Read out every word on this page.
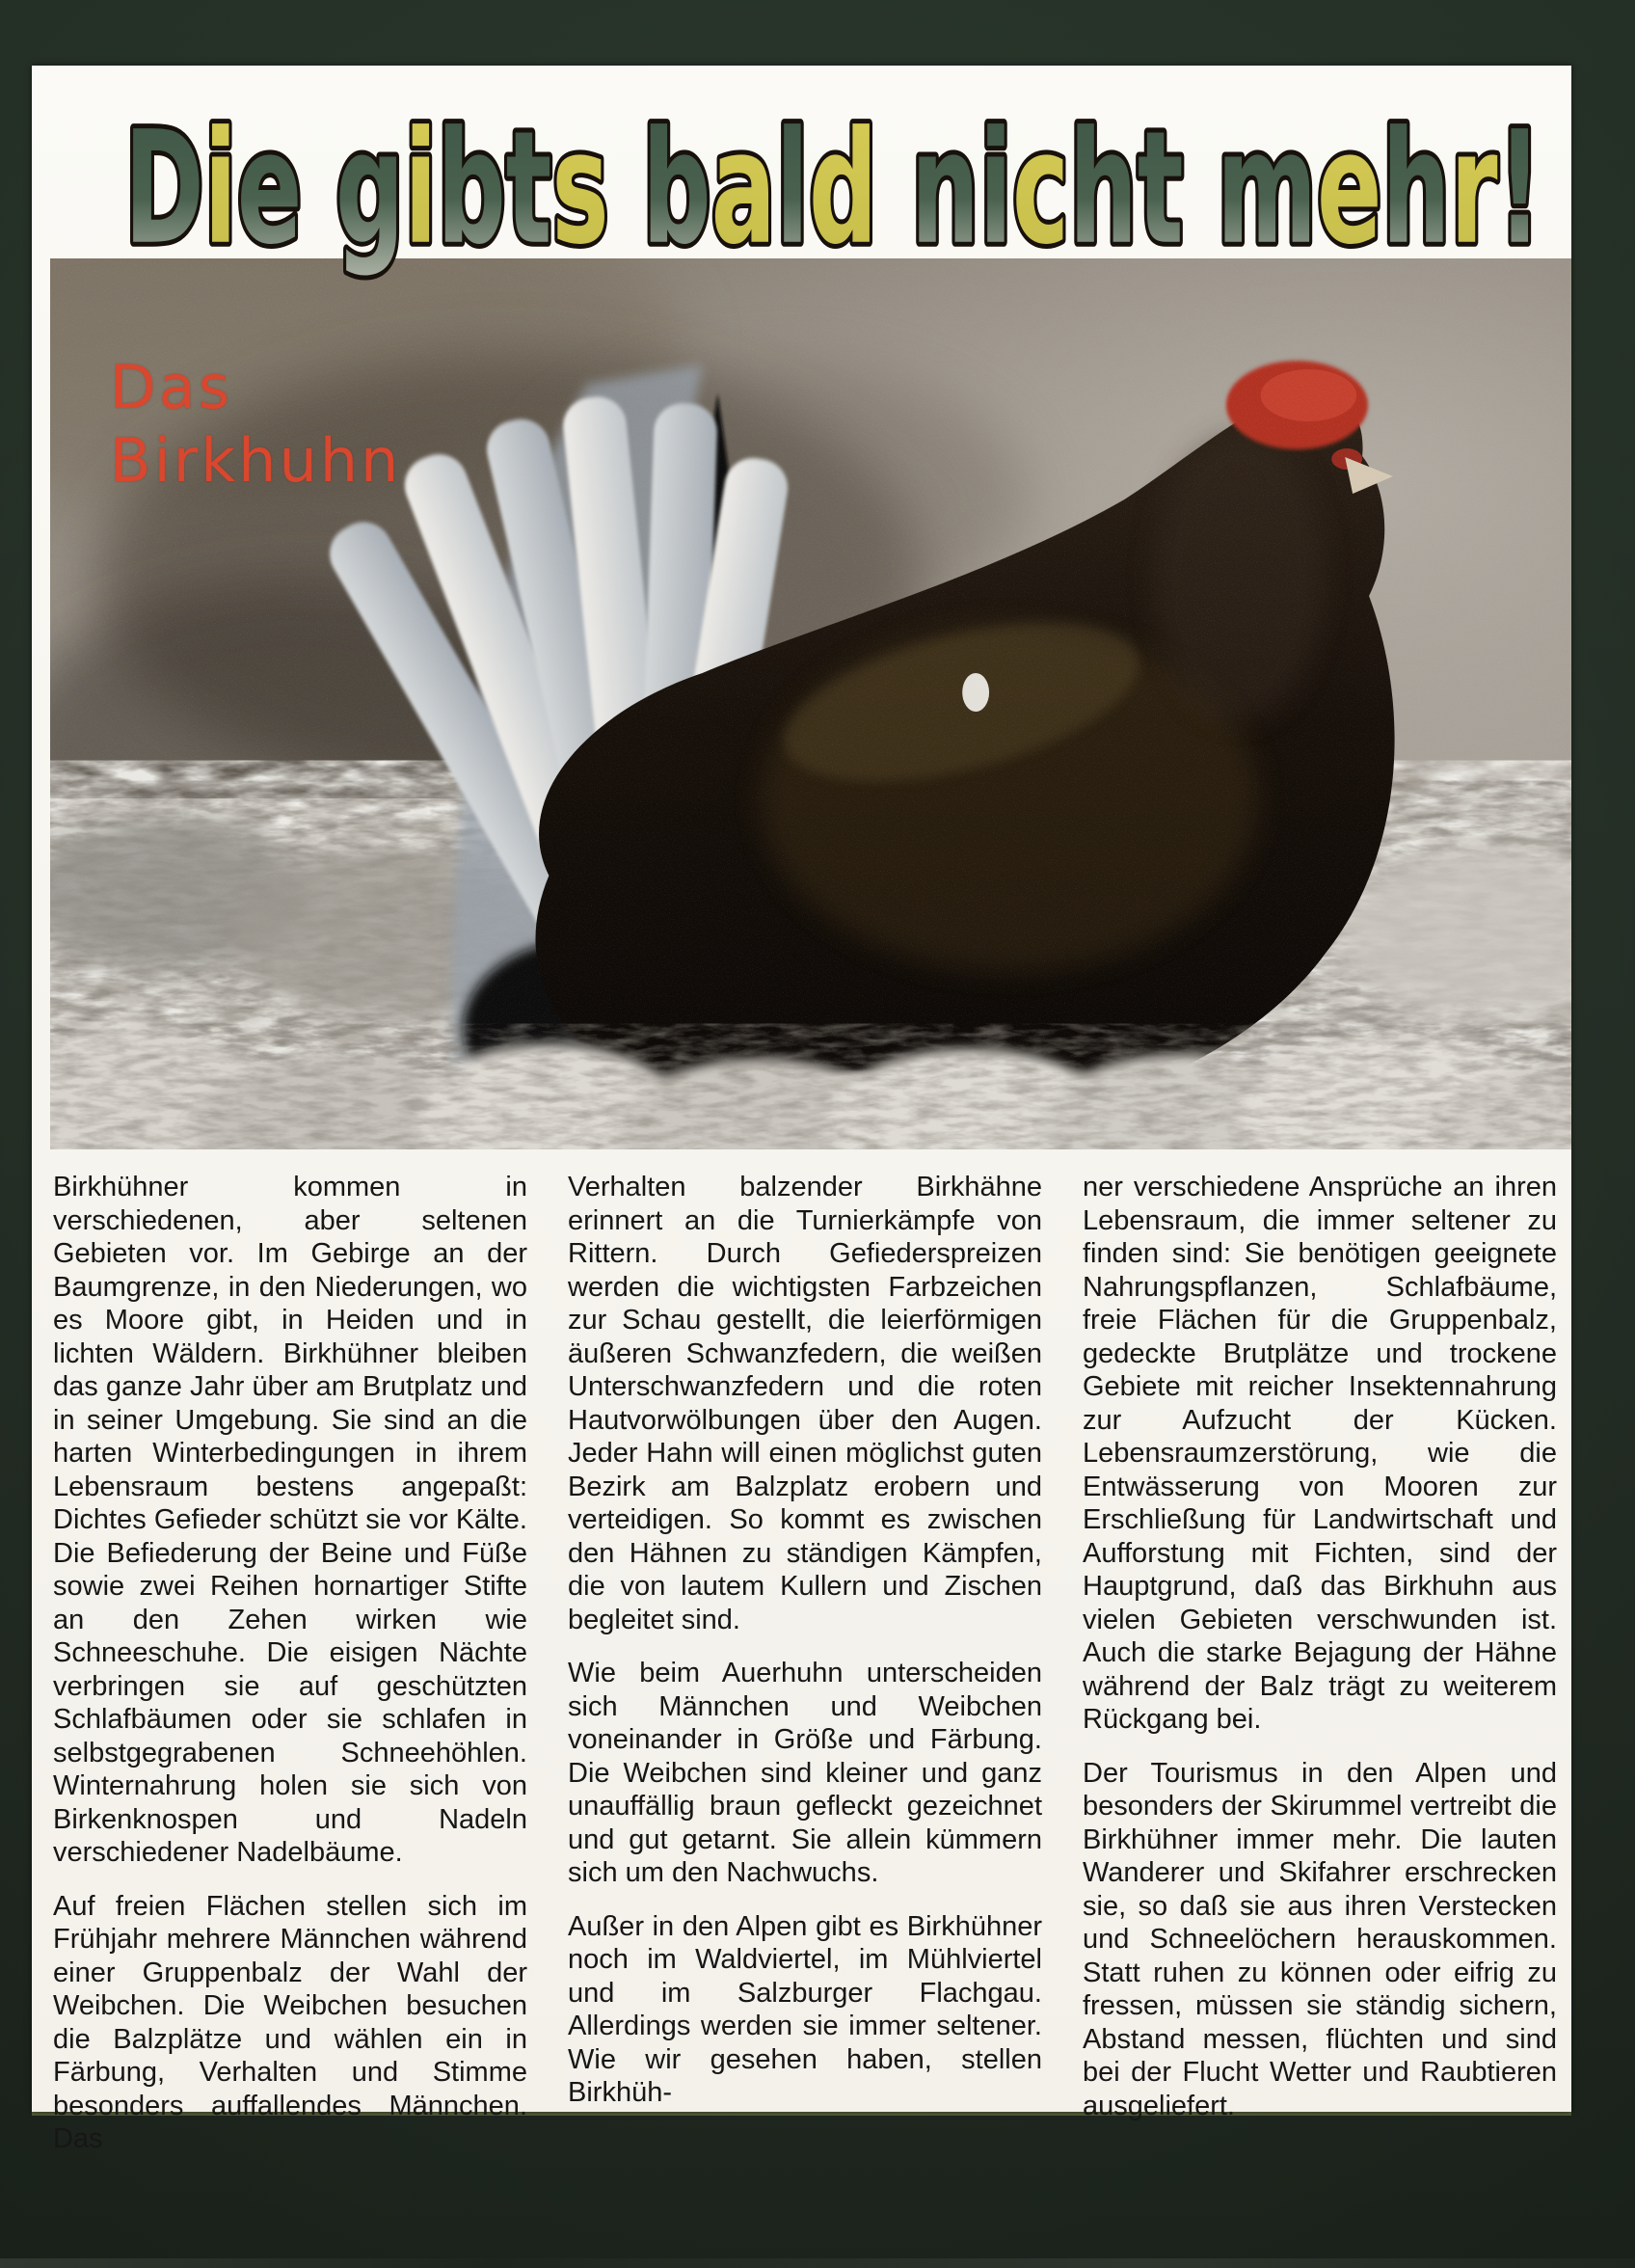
Die gibts bald nicht mehr!
Das
Birkhuhn

Birkhühner kommen in verschiedenen, aber seltenen Gebieten vor. Im Gebirge an der Baumgrenze, in den Niederungen, wo es Moore gibt, in Heiden und in lichten Wäldern. Birkhühner bleiben das ganze Jahr über am Brutplatz und in seiner Umgebung. Sie sind an die harten Winterbedingungen in ihrem Lebensraum bestens angepaßt: Dichtes Gefieder schützt sie vor Kälte. Die Befiederung der Beine und Füße sowie zwei Reihen hornartiger Stifte an den Zehen wirken wie Schneeschuhe. Die eisigen Nächte verbringen sie auf geschützten Schlafbäumen oder sie schlafen in selbstgegrabenen Schneehöhlen. Winternahrung holen sie sich von Birkenknospen und Nadeln verschiedener Nadelbäume.

Auf freien Flächen stellen sich im Frühjahr mehrere Männchen während einer Gruppenbalz der Wahl der Weibchen. Die Weibchen besuchen die Balzplätze und wählen ein in Färbung, Verhalten und Stimme besonders auffallendes Männchen. Das

Verhalten balzender Birkhähne erinnert an die Turnierkämpfe von Rittern. Durch Gefiederspreizen werden die wichtigsten Farbzeichen zur Schau gestellt, die leierförmigen äußeren Schwanzfedern, die weißen Unterschwanzfedern und die roten Hautvorwölbungen über den Augen. Jeder Hahn will einen möglichst guten Bezirk am Balzplatz erobern und verteidigen. So kommt es zwischen den Hähnen zu ständigen Kämpfen, die von lautem Kullern und Zischen begleitet sind.

Wie beim Auerhuhn unterscheiden sich Männchen und Weibchen voneinander in Größe und Färbung. Die Weibchen sind kleiner und ganz unauffällig braun gefleckt gezeichnet und gut getarnt. Sie allein kümmern sich um den Nachwuchs.

Außer in den Alpen gibt es Birkhühner noch im Waldviertel, im Mühlviertel und im Salzburger Flachgau. Allerdings werden sie immer seltener. Wie wir gesehen haben, stellen Birkhüh-

ner verschiedene Ansprüche an ihren Lebensraum, die immer seltener zu finden sind: Sie benötigen geeignete Nahrungspflanzen, Schlafbäume, freie Flächen für die Gruppenbalz, gedeckte Brutplätze und trockene Gebiete mit reicher Insektennahrung zur Aufzucht der Kücken. Lebensraumzerstörung, wie die Entwässerung von Mooren zur Erschließung für Landwirtschaft und Aufforstung mit Fichten, sind der Hauptgrund, daß das Birkhuhn aus vielen Gebieten verschwunden ist. Auch die starke Bejagung der Hähne während der Balz trägt zu weiterem Rückgang bei.

Der Tourismus in den Alpen und besonders der Skirummel vertreibt die Birkhühner immer mehr. Die lauten Wanderer und Skifahrer erschrecken sie, so daß sie aus ihren Verstecken und Schneelöchern herauskommen. Statt ruhen zu können oder eifrig zu fressen, müssen sie ständig sichern, Abstand messen, flüchten und sind bei der Flucht Wetter und Raubtieren ausgeliefert.
